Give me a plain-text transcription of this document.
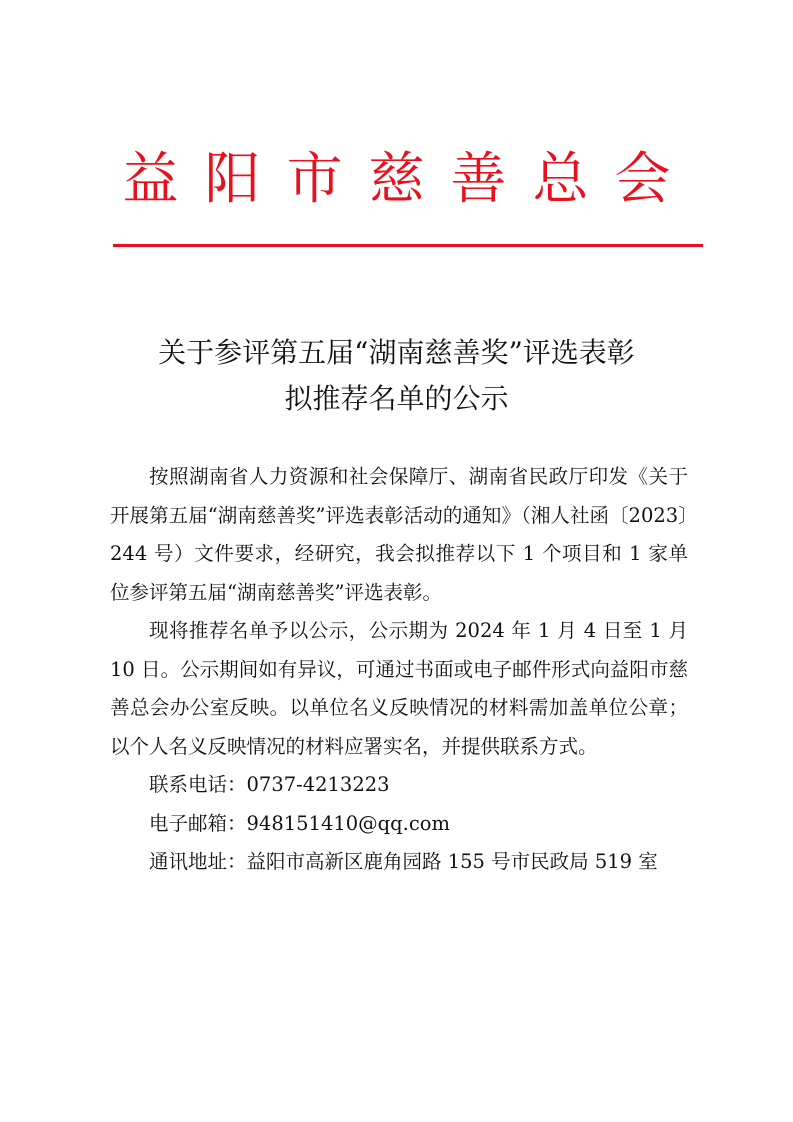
益阳市慈善总会
关于参评第五届“湖南慈善奖”评选表彰
拟推荐名单的公示

按照湖南省人力资源和社会保障厅、湖南省民政厅印发《关于开展第五届“湖南慈善奖”评选表彰活动的通知》（湘人社函〔2023〕244 号）文件要求，经研究，我会拟推荐以下 1 个项目和 1 家单位参评第五届“湖南慈善奖”评选表彰。

现将推荐名单予以公示，公示期为 2024 年 1 月 4 日至 1 月 10 日。公示期间如有异议，可通过书面或电子邮件形式向益阳市慈善总会办公室反映。以单位名义反映情况的材料需加盖单位公章；以个人名义反映情况的材料应署实名，并提供联系方式。

联系电话：0737-4213223

电子邮箱：948151410@qq.com

通讯地址：益阳市高新区鹿角园路 155 号市民政局 519 室
